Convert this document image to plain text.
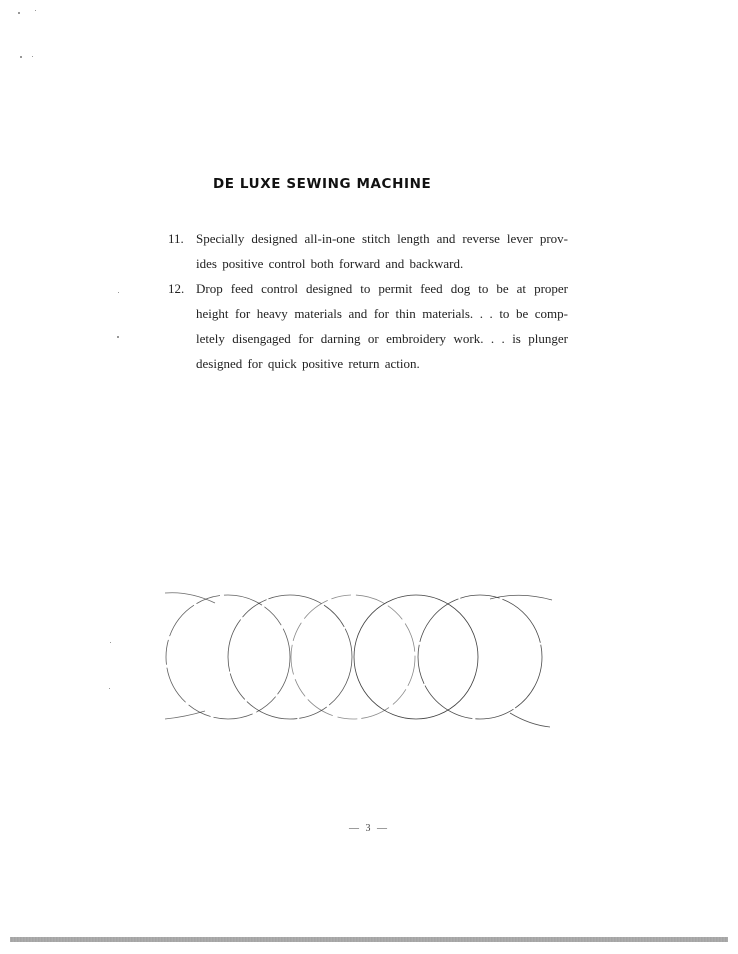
DE LUXE SEWING MACHINE
11. Specially designed all-in-one stitch length and reverse lever prov-
ides positive control both forward and backward.
12. Drop feed control designed to permit feed dog to be at proper
height for heavy materials and for thin materials. . . to be comp-
letely disengaged for darning or embroidery work. . . is plunger
designed for quick positive return action.
— 3 —
